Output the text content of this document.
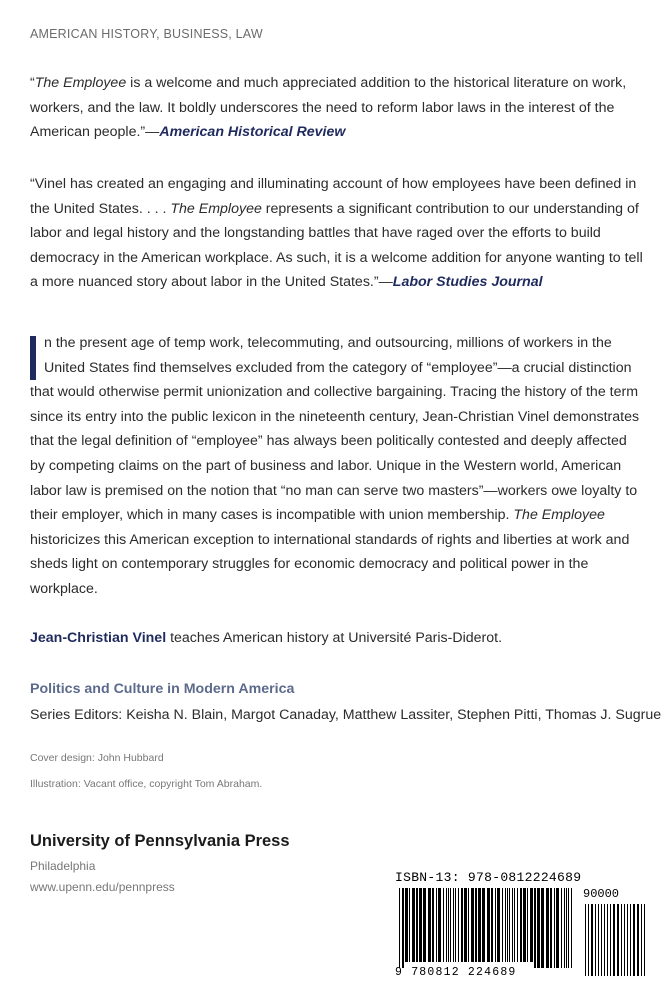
AMERICAN HISTORY, BUSINESS, LAW
“The Employee is a welcome and much appreciated addition to the historical literature on work, workers, and the law. It boldly underscores the need to reform labor laws in the interest of the American people.”—American Historical Review
“Vinel has created an engaging and illuminating account of how employees have been defined in the United States. . . . The Employee represents a significant contribution to our understanding of labor and legal history and the longstanding battles that have raged over the efforts to build democracy in the American workplace. As such, it is a welcome addition for anyone wanting to tell a more nuanced story about labor in the United States.”—Labor Studies Journal
n the present age of temp work, telecommuting, and outsourcing, millions of workers in the United States find themselves excluded from the category of “employee”—a crucial distinction that would otherwise permit unionization and collective bargaining. Tracing the history of the term since its entry into the public lexicon in the nineteenth century, Jean-Christian Vinel demonstrates that the legal definition of “employee” has always been politically contested and deeply affected by competing claims on the part of business and labor. Unique in the Western world, American labor law is premised on the notion that “no man can serve two masters”—workers owe loyalty to their employer, which in many cases is incompatible with union membership. The Employee historicizes this American exception to international standards of rights and liberties at work and sheds light on contemporary struggles for economic democracy and political power in the workplace.
Jean-Christian Vinel teaches American history at Université Paris-Diderot.
Politics and Culture in Modern America
Series Editors: Keisha N. Blain, Margot Canaday, Matthew Lassiter, Stephen Pitti, Thomas J. Sugrue
Cover design: John Hubbard
Illustration: Vacant office, copyright Tom Abraham.
University of Pennsylvania Press
Philadelphia
www.upenn.edu/pennpress
ISBN-13: 978-0812224689
90000
9 780812 224689
